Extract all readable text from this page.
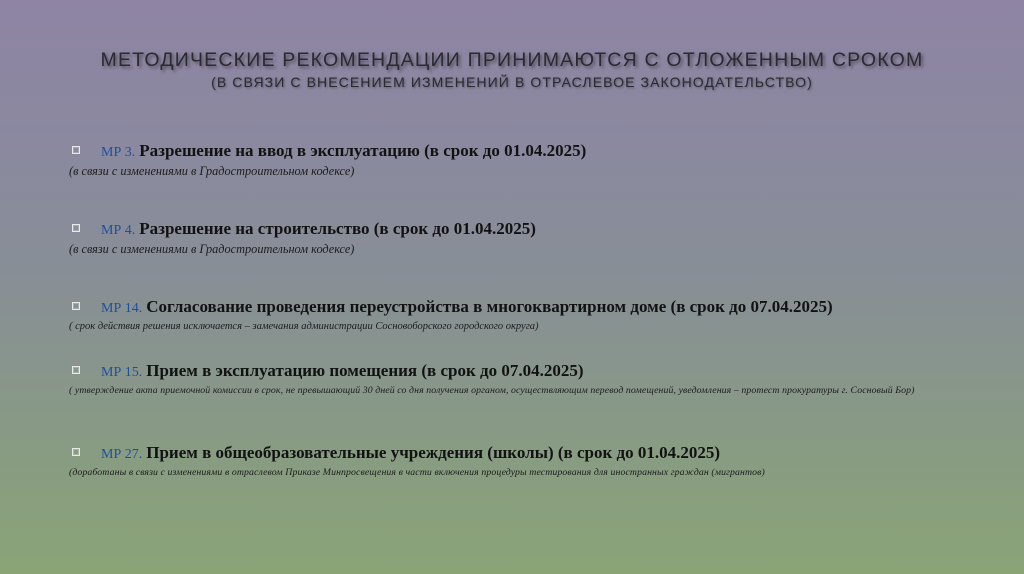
МЕТОДИЧЕСКИЕ РЕКОМЕНДАЦИИ ПРИНИМАЮТСЯ С ОТЛОЖЕННЫМ СРОКОМ
(В СВЯЗИ С ВНЕСЕНИЕМ ИЗМЕНЕНИЙ В ОТРАСЛЕВОЕ ЗАКОНОДАТЕЛЬСТВО)
МР 3. Разрешение на ввод в эксплуатацию (в срок до 01.04.2025)
(в связи с изменениями в Градостроительном кодексе)
МР 4. Разрешение на строительство (в срок до 01.04.2025)
(в связи с изменениями в Градостроительном кодексе)
МР 14. Согласование проведения переустройства в многоквартирном доме (в срок до 07.04.2025)
( срок действия решения исключается – замечания администрации Сосновоборского городского округа)
МР 15. Прием в эксплуатацию помещения (в срок до 07.04.2025)
( утверждение акта приемочной комиссии в срок, не превышающий 30 дней со дня получения органом, осуществляющим перевод помещений, уведомления – протест прокуратуры г. Сосновый Бор)
МР 27. Прием в общеобразовательные учреждения (школы) (в срок до 01.04.2025)
(доработаны в связи с изменениями в отраслевом Приказе Минпросвещения в части включения процедуры тестирования для иностранных граждан (мигрантов)
